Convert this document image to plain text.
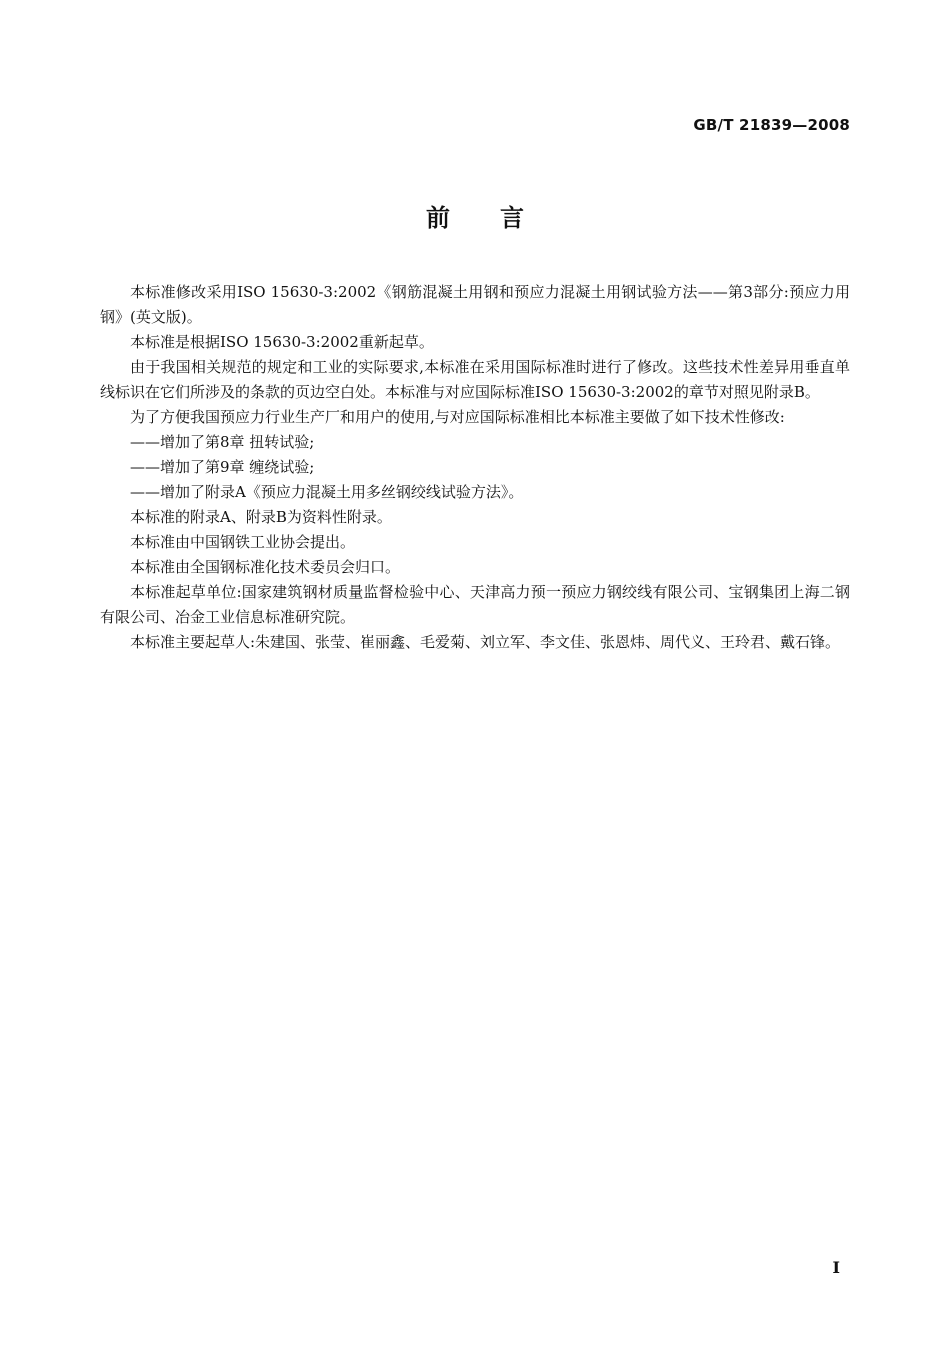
GB/T 21839—2008
前言

本标准修改采用ISO 15630-3:2002《钢筋混凝土用钢和预应力混凝土用钢试验方法——第3部分:预应力用钢》(英文版)。

本标准是根据ISO 15630-3:2002重新起草。

由于我国相关规范的规定和工业的实际要求,本标准在采用国际标准时进行了修改。这些技术性差异用垂直单线标识在它们所涉及的条款的页边空白处。本标准与对应国际标准ISO 15630-3:2002的章节对照见附录B。

为了方便我国预应力行业生产厂和用户的使用,与对应国际标准相比本标准主要做了如下技术性修改:

——增加了第8章 扭转试验;

——增加了第9章 缠绕试验;

——增加了附录A《预应力混凝土用多丝钢绞线试验方法》。

本标准的附录A、附录B为资料性附录。

本标准由中国钢铁工业协会提出。

本标准由全国钢标准化技术委员会归口。

本标准起草单位:国家建筑钢材质量监督检验中心、天津高力预一预应力钢绞线有限公司、宝钢集团上海二钢有限公司、冶金工业信息标准研究院。

本标准主要起草人:朱建国、张莹、崔丽鑫、毛爱菊、刘立军、李文佳、张恩炜、周代义、王玲君、戴石锋。

I
